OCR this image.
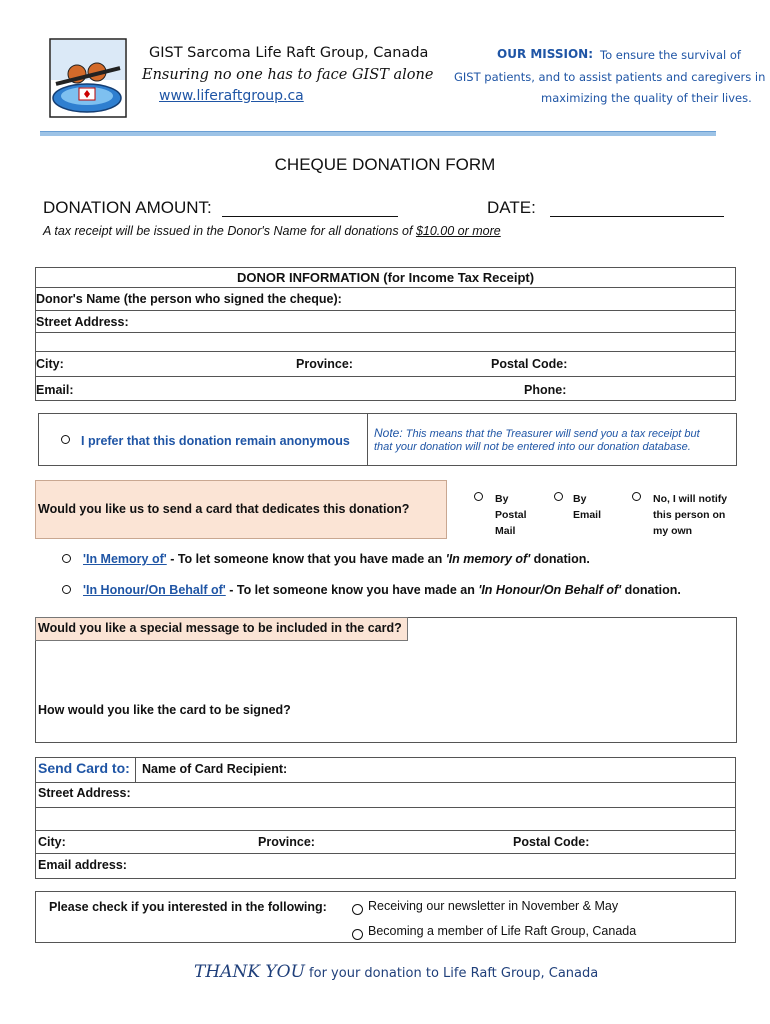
GIST Sarcoma Life Raft Group, Canada
Ensuring no one has to face GIST alone
www.liferaftgroup.ca
OUR MISSION: To ensure the survival of
GIST patients, and to assist patients and caregivers in
maximizing the quality of their lives.
CHEQUE DONATION FORM
DONATION AMOUNT:	DATE:
A tax receipt will be issued in the Donor's Name for all donations of $10.00 or more
DONOR INFORMATION (for Income Tax Receipt)
Donor's Name (the person who signed the cheque):
Street Address:
City:	Province:	Postal Code:
Email:	Phone:
I prefer that this donation remain anonymous
Note: This means that the Treasurer will send you a tax receipt but
that your donation will not be entered into our donation database.
Would you like us to send a card that dedicates this donation?
By
Postal
Mail
By
Email
No, I will notify
this person on
my own
'In Memory of' - To let someone know that you have made an 'In memory of' donation.
'In Honour/On Behalf of' - To let someone know you have made an 'In Honour/On Behalf of' donation.
Would you like a special message to be included in the card?
How would you like the card to be signed?
Send Card to: Name of Card Recipient:
Street Address:
City:	Province:	Postal Code:
Email address:
Please check if you interested in the following:	Receiving our newsletter in November & May
Becoming a member of Life Raft Group, Canada
THANK YOU for your donation to Life Raft Group, Canada
